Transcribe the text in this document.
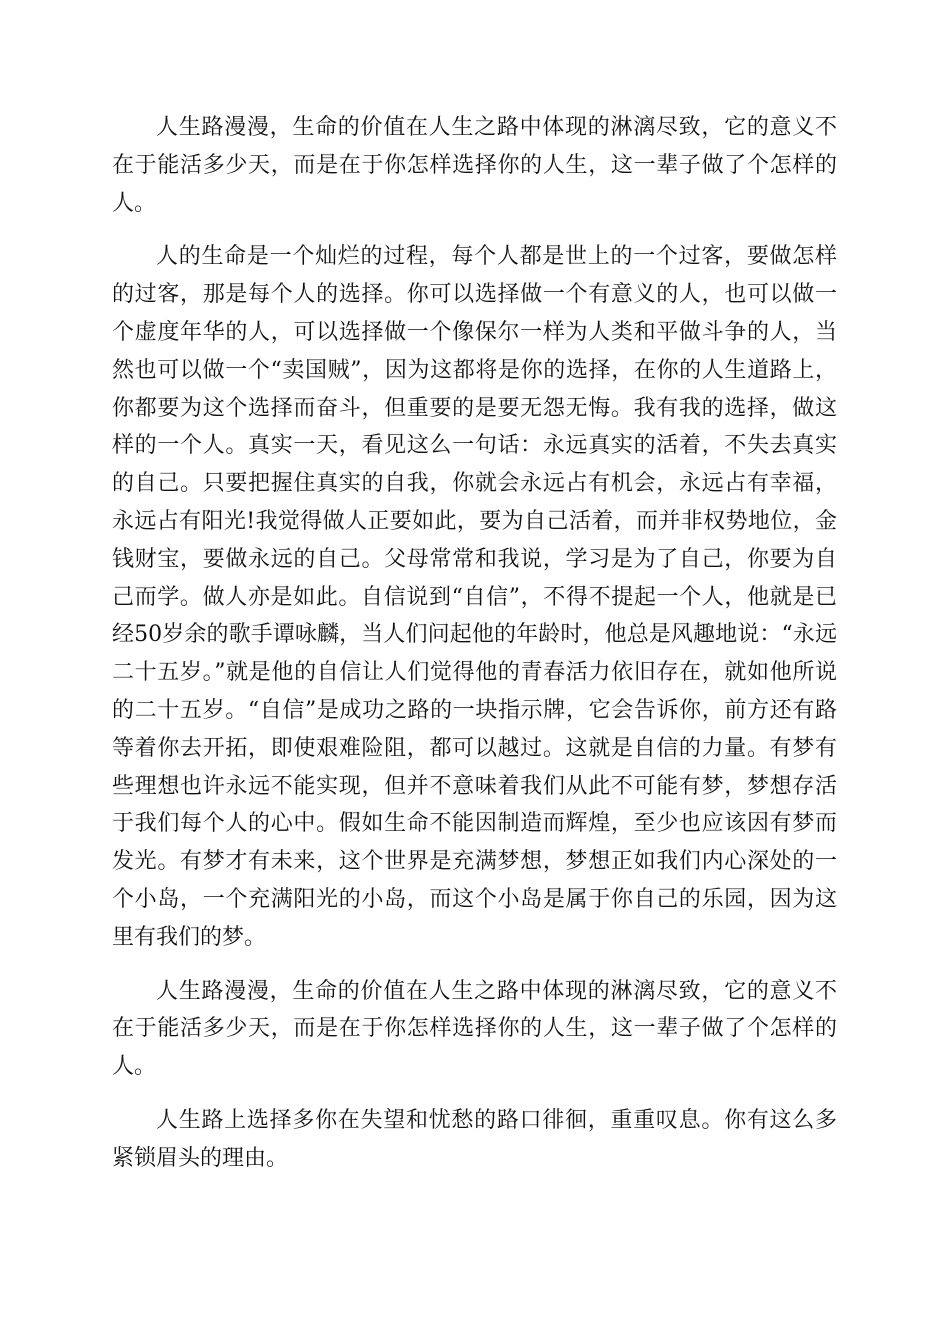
人生路漫漫，生命的价值在人生之路中体现的淋漓尽致，它的意义不在于能活多少天，而是在于你怎样选择你的人生，这一辈子做了个怎样的人。

人的生命是一个灿烂的过程，每个人都是世上的一个过客，要做怎样的过客，那是每个人的选择。你可以选择做一个有意义的人，也可以做一个虚度年华的人，可以选择做一个像保尔一样为人类和平做斗争的人，当然也可以做一个“卖国贼”，因为这都将是你的选择，在你的人生道路上，你都要为这个选择而奋斗，但重要的是要无怨无悔。我有我的选择，做这样的一个人。真实一天，看见这么一句话：永远真实的活着，不失去真实的自己。只要把握住真实的自我，你就会永远占有机会，永远占有幸福，永远占有阳光!我觉得做人正要如此，要为自己活着，而并非权势地位，金钱财宝，要做永远的自己。父母常常和我说，学习是为了自己，你要为自己而学。做人亦是如此。自信说到“自信”，不得不提起一个人，他就是已经50岁余的歌手谭咏麟，当人们问起他的年龄时，他总是风趣地说：“永远二十五岁。”就是他的自信让人们觉得他的青春活力依旧存在，就如他所说的二十五岁。“自信”是成功之路的一块指示牌，它会告诉你，前方还有路等着你去开拓，即使艰难险阻，都可以越过。这就是自信的力量。有梦有些理想也许永远不能实现，但并不意味着我们从此不可能有梦，梦想存活于我们每个人的心中。假如生命不能因制造而辉煌，至少也应该因有梦而发光。有梦才有未来，这个世界是充满梦想，梦想正如我们内心深处的一个小岛，一个充满阳光的小岛，而这个小岛是属于你自己的乐园，因为这里有我们的梦。

人生路漫漫，生命的价值在人生之路中体现的淋漓尽致，它的意义不在于能活多少天，而是在于你怎样选择你的人生，这一辈子做了个怎样的人。

人生路上选择多你在失望和忧愁的路口徘徊，重重叹息。你有这么多紧锁眉头的理由。
